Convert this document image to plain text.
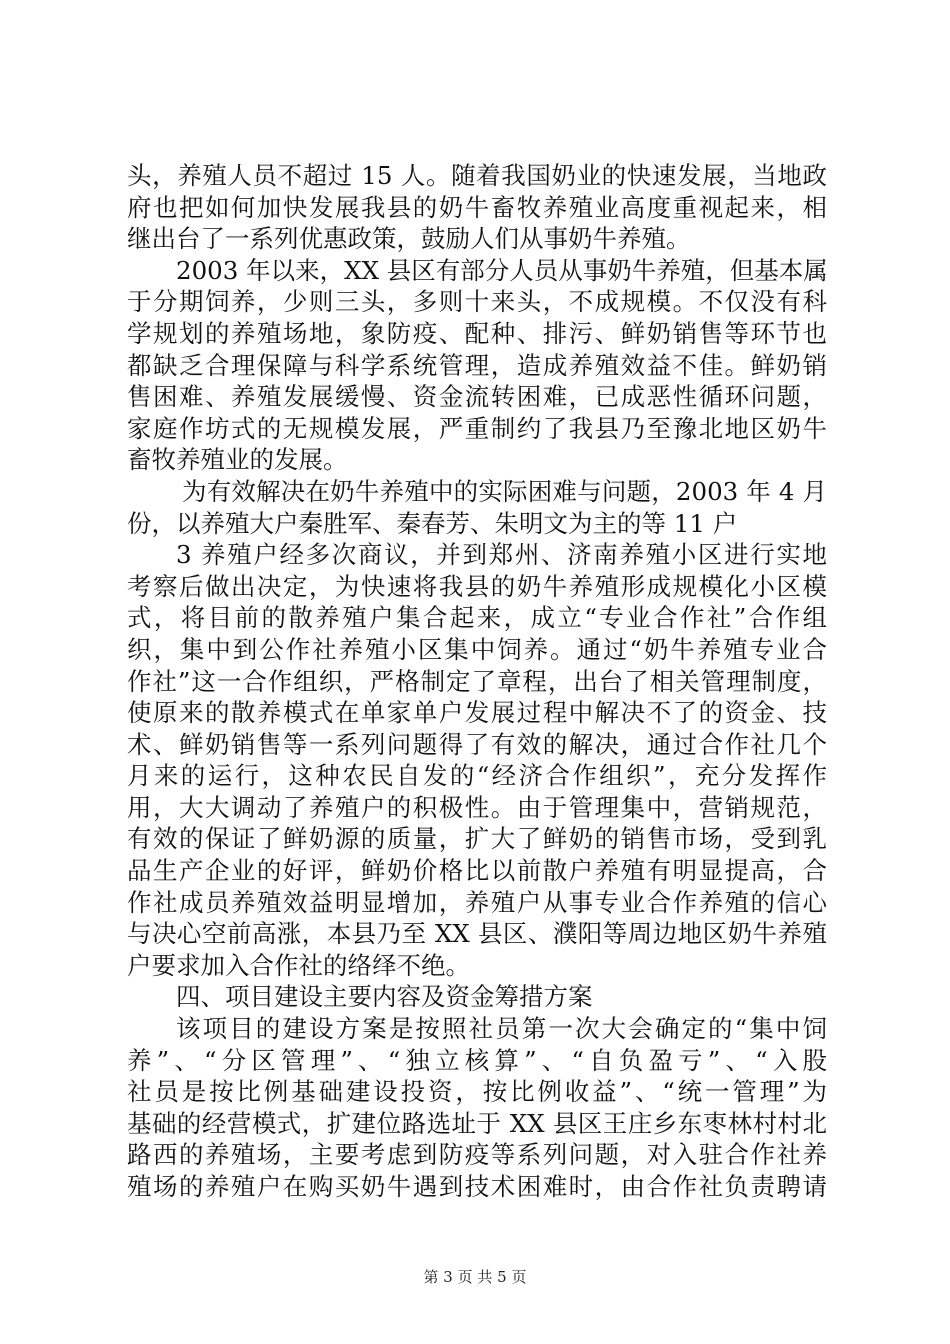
头，养殖人员不超过 15 人。随着我国奶业的快速发展，当地政
府也把如何加快发展我县的奶牛畜牧养殖业高度重视起来，相
继出台了一系列优惠政策，鼓励人们从事奶牛养殖。
2003 年以来，XX 县区有部分人员从事奶牛养殖，但基本属
于分期饲养，少则三头，多则十来头，不成规模。不仅没有科
学规划的养殖场地，象防疫、配种、排污、鲜奶销售等环节也
都缺乏合理保障与科学系统管理，造成养殖效益不佳。鲜奶销
售困难、养殖发展缓慢、资金流转困难，已成恶性循环问题，
家庭作坊式的无规模发展，严重制约了我县乃至豫北地区奶牛
畜牧养殖业的发展。
为有效解决在奶牛养殖中的实际困难与问题，2003 年 4 月
份，以养殖大户秦胜军、秦春芳、朱明文为主的等 11 户
3 养殖户经多次商议，并到郑州、济南养殖小区进行实地
考察后做出决定，为快速将我县的奶牛养殖形成规模化小区模
式，将目前的散养殖户集合起来，成立“专业合作社”合作组
织，集中到公作社养殖小区集中饲养。通过“奶牛养殖专业合
作社”这一合作组织，严格制定了章程，出台了相关管理制度，
使原来的散养模式在单家单户发展过程中解决不了的资金、技
术、鲜奶销售等一系列问题得了有效的解决，通过合作社几个
月来的运行，这种农民自发的“经济合作组织”，充分发挥作
用，大大调动了养殖户的积极性。由于管理集中，营销规范，
有效的保证了鲜奶源的质量，扩大了鲜奶的销售市场，受到乳
品生产企业的好评，鲜奶价格比以前散户养殖有明显提高，合
作社成员养殖效益明显增加，养殖户从事专业合作养殖的信心
与决心空前高涨，本县乃至 XX 县区、濮阳等周边地区奶牛养殖
户要求加入合作社的络绎不绝。
四、项目建设主要内容及资金筹措方案
该项目的建设方案是按照社员第一次大会确定的“集中饲
养”、“分区管理”、“独立核算”、“自负盈亏”、“入股
社员是按比例基础建设投资，按比例收益”、“统一管理”为
基础的经营模式，扩建位路选址于 XX 县区王庄乡东枣林村村北
路西的养殖场，主要考虑到防疫等系列问题，对入驻合作社养
殖场的养殖户在购买奶牛遇到技术困难时，由合作社负责聘请
第 3 页 共 5 页
